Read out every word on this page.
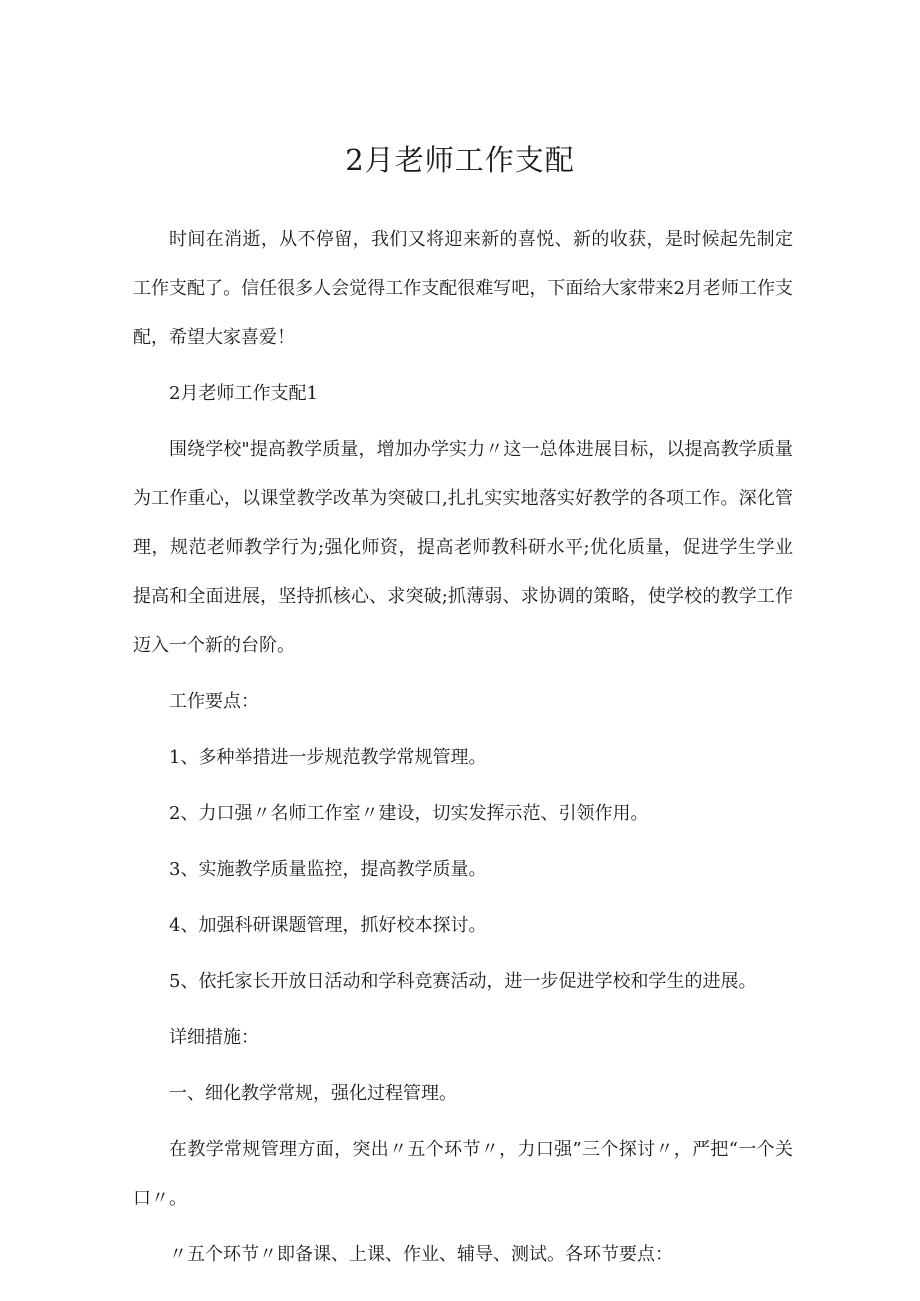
2月老师工作支配

时间在消逝，从不停留，我们又将迎来新的喜悦、新的收获，是时候起先制定工作支配了。信任很多人会觉得工作支配很难写吧，下面给大家带来2月老师工作支配，希望大家喜爱！

2月老师工作支配1

围绕学校"提高教学质量，增加办学实力〃这一总体进展目标，以提高教学质量为工作重心，以课堂教学改革为突破口,扎扎实实地落实好教学的各项工作。深化管理，规范老师教学行为;强化师资，提高老师教科研水平;优化质量，促进学生学业提高和全面进展，坚持抓核心、求突破;抓薄弱、求协调的策略，使学校的教学工作迈入一个新的台阶。

工作要点：

1、多种举措进一步规范教学常规管理。

2、力口强〃名师工作室〃建设，切实发挥示范、引领作用。

3、实施教学质量监控，提高教学质量。

4、加强科研课题管理，抓好校本探讨。

5、依托家长开放日活动和学科竞赛活动，进一步促进学校和学生的进展。

详细措施：

一、细化教学常规，强化过程管理。

在教学常规管理方面，突出〃五个环节〃，力口强”三个探讨〃，严把“一个关口〃。

〃五个环节〃即备课、上课、作业、辅导、测试。各环节要点：
